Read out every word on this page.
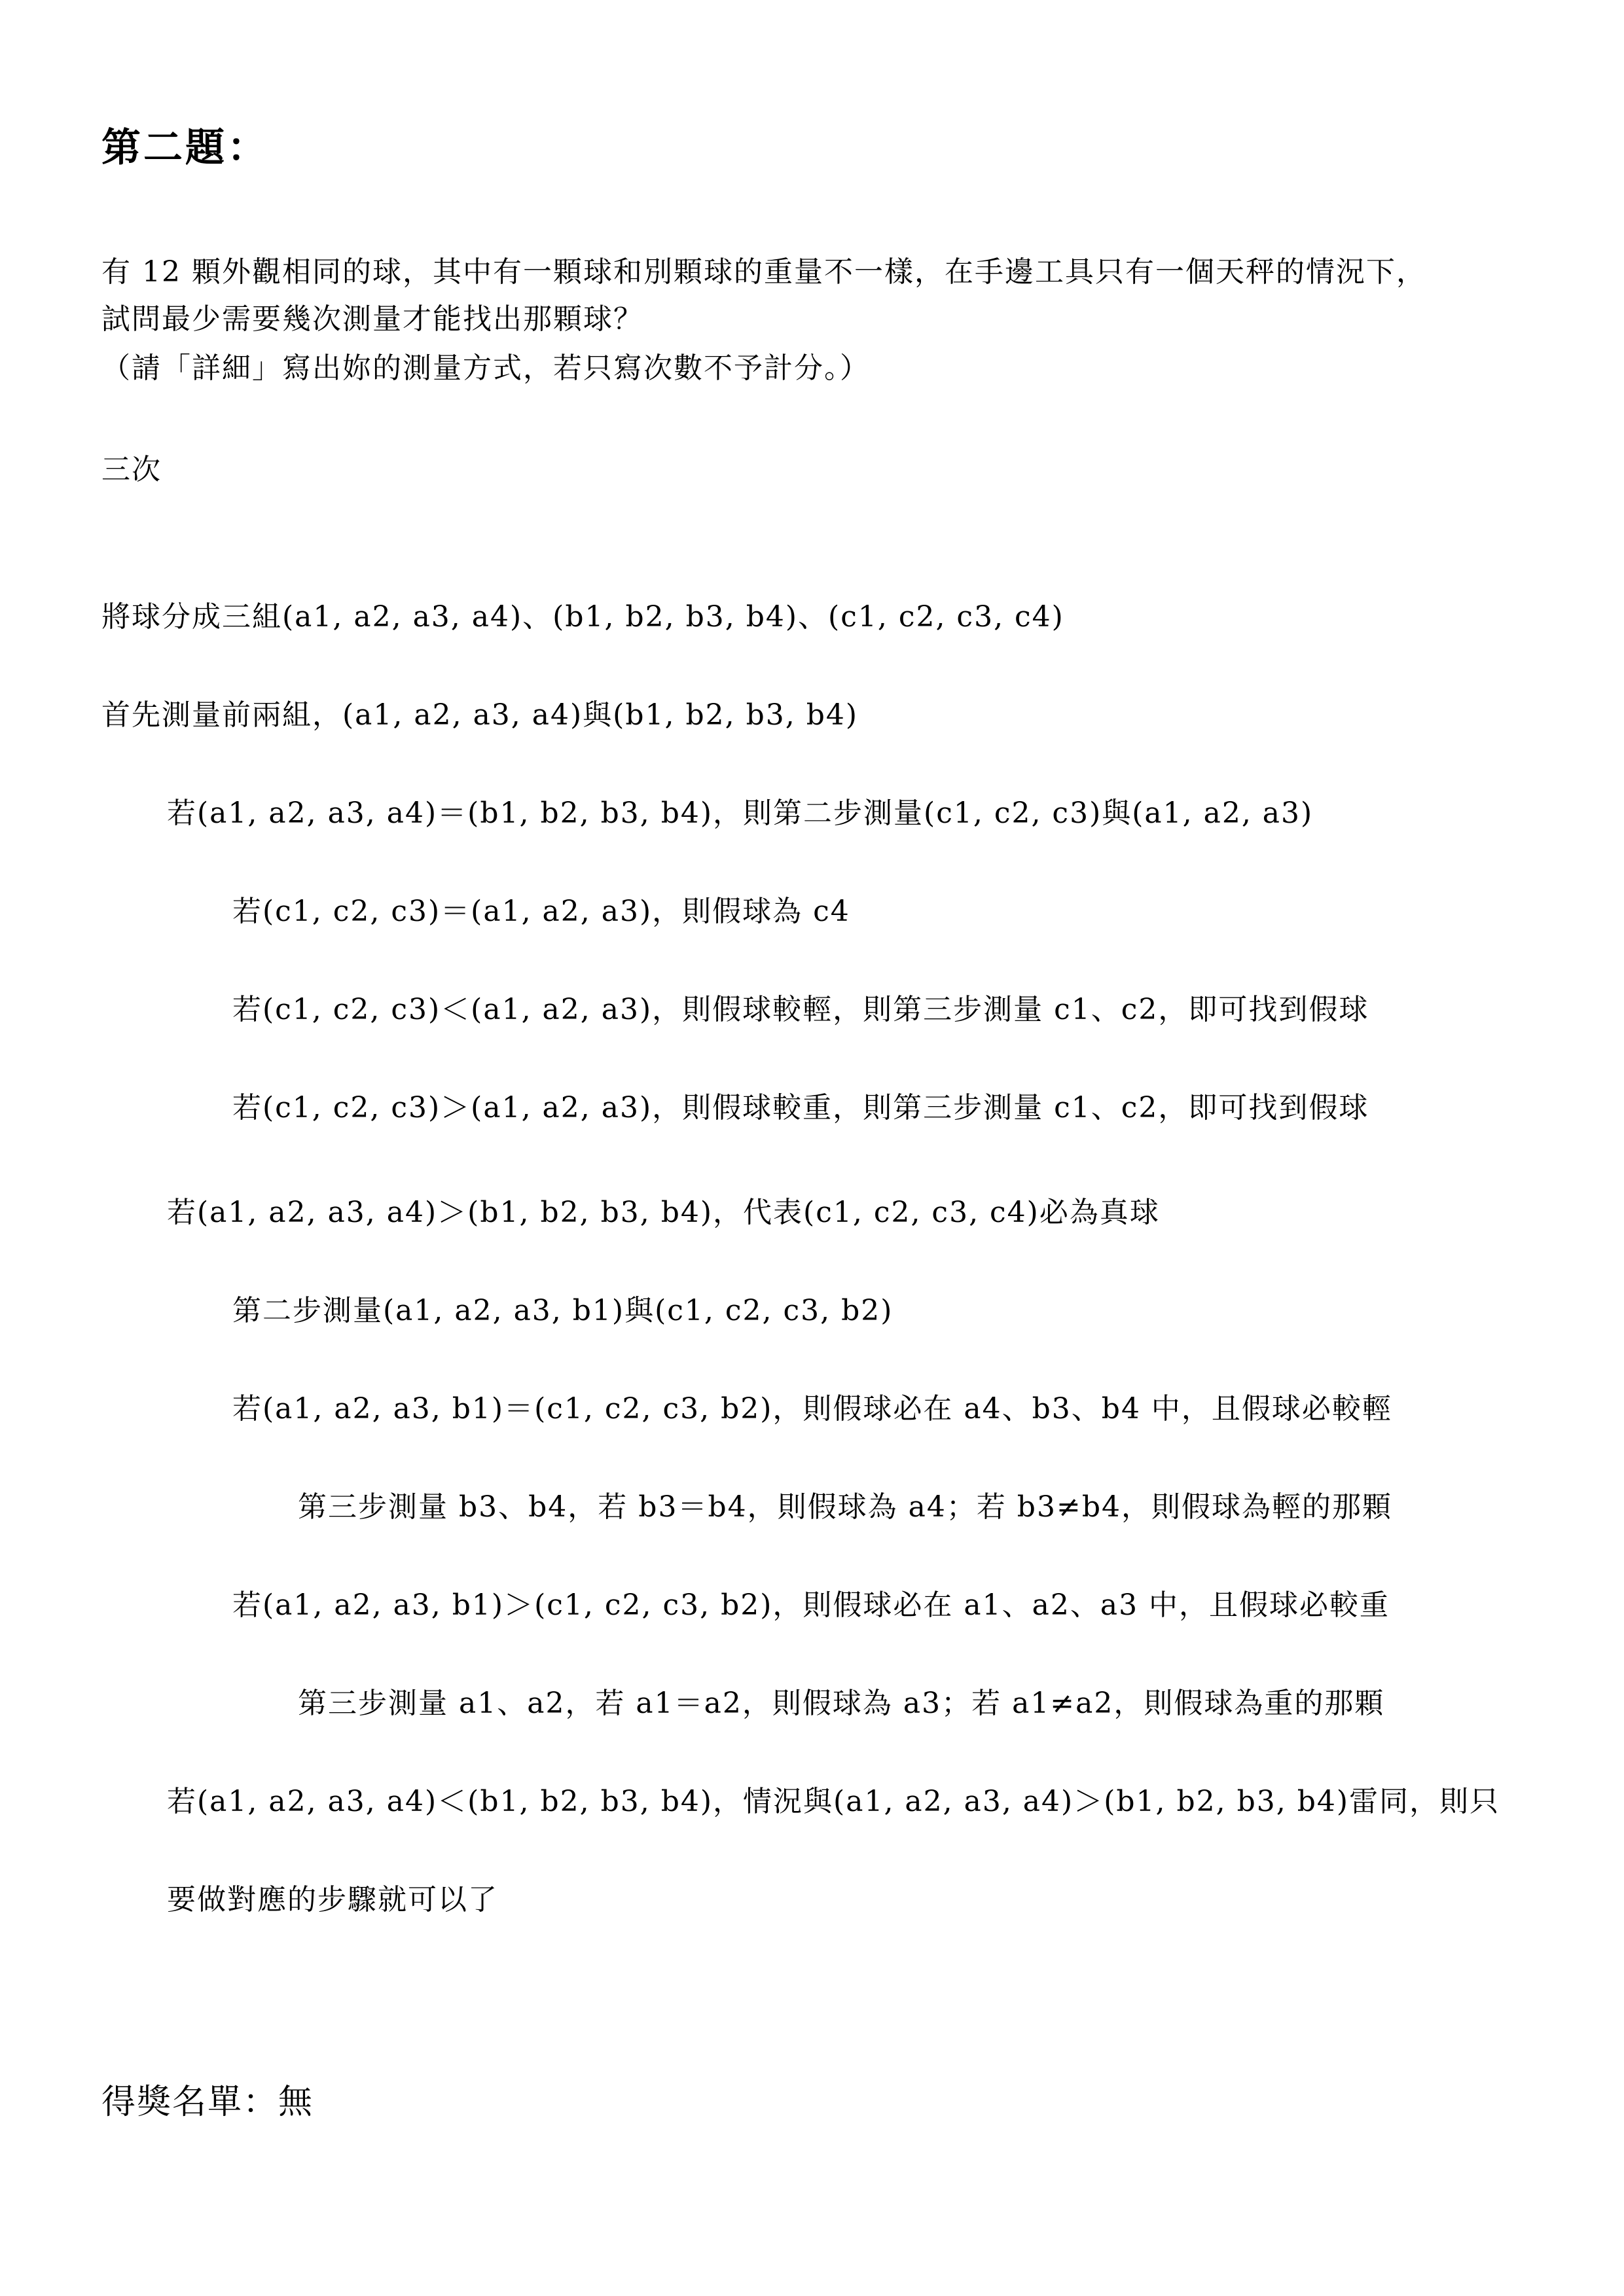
第二題：
有 12 顆外觀相同的球，其中有一顆球和別顆球的重量不一樣，在手邊工具只有一個天秤的情況下，
試問最少需要幾次測量才能找出那顆球？
（請「詳細」寫出妳的測量方式，若只寫次數不予計分。）
三次
將球分成三組(a1, a2, a3, a4)、(b1, b2, b3, b4)、(c1, c2, c3, c4)
首先測量前兩組，(a1, a2, a3, a4)與(b1, b2, b3, b4)
若(a1, a2, a3, a4)＝(b1, b2, b3, b4)，則第二步測量(c1, c2, c3)與(a1, a2, a3)
若(c1, c2, c3)＝(a1, a2, a3)，則假球為 c4
若(c1, c2, c3)＜(a1, a2, a3)，則假球較輕，則第三步測量 c1、c2，即可找到假球
若(c1, c2, c3)＞(a1, a2, a3)，則假球較重，則第三步測量 c1、c2，即可找到假球
若(a1, a2, a3, a4)＞(b1, b2, b3, b4)，代表(c1, c2, c3, c4)必為真球
第二步測量(a1, a2, a3, b1)與(c1, c2, c3, b2)
若(a1, a2, a3, b1)＝(c1, c2, c3, b2)，則假球必在 a4、b3、b4 中，且假球必較輕
第三步測量 b3、b4，若 b3＝b4，則假球為 a4；若 b3≠b4，則假球為輕的那顆
若(a1, a2, a3, b1)＞(c1, c2, c3, b2)，則假球必在 a1、a2、a3 中，且假球必較重
第三步測量 a1、a2，若 a1＝a2，則假球為 a3；若 a1≠a2，則假球為重的那顆
若(a1, a2, a3, a4)＜(b1, b2, b3, b4)，情況與(a1, a2, a3, a4)＞(b1, b2, b3, b4)雷同，則只
要做對應的步驟就可以了
得獎名單：無
